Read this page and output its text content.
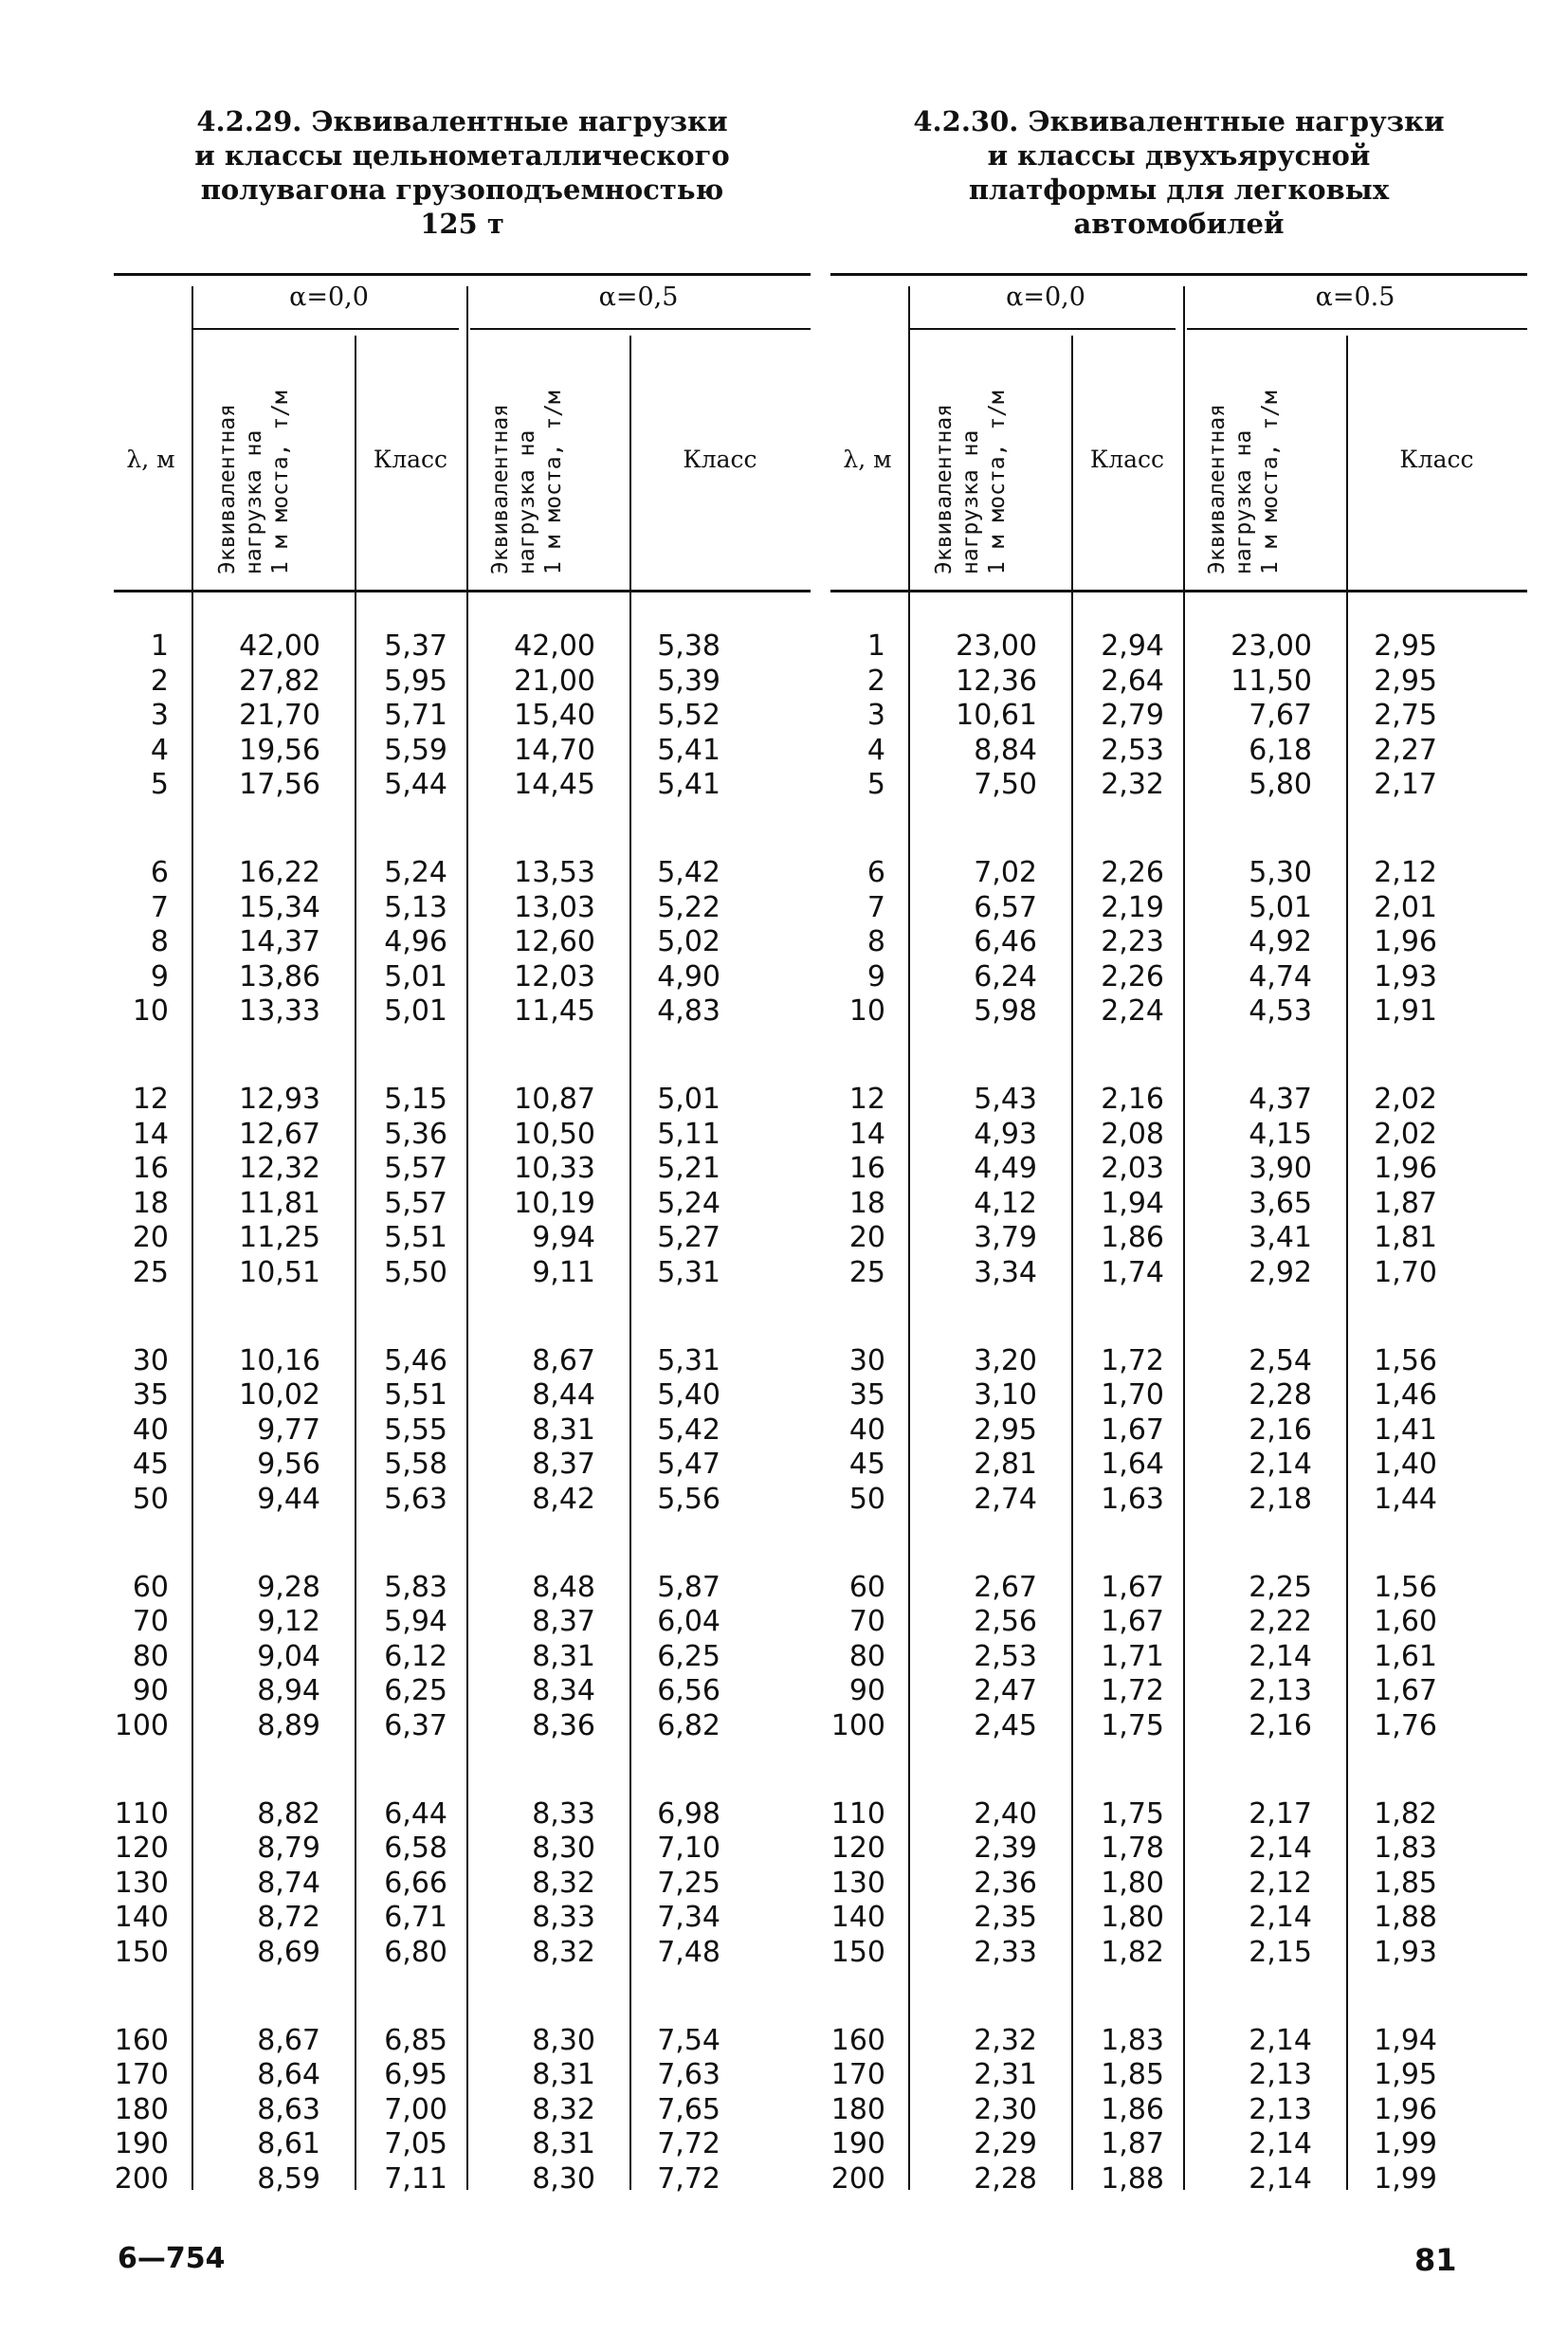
4.2.29. Эквивалентные нагрузки
и классы цельнометаллического
полувагона грузоподъемностью
125 т
α=0,0	α=0,5
λ, м	Эквивалентная
нагрузка на
1 м моста, т/м	Эквивалентная
нагрузка на
1 м моста, т/м
Класс	Класс
1 42,00 5,37 42,00 5,38
2 27,82 5,95 21,00 5,39
3 21,70 5,71 15,40 5,52
4 19,56 5,59 14,70 5,41
5 17,56 5,44 14,45 5,41
6 16,22 5,24 13,53 5,42
7 15,34 5,13 13,03 5,22
8 14,37 4,96 12,60 5,02
9 13,86 5,01 12,03 4,90
10 13,33 5,01 11,45 4,83
12 12,93 5,15 10,87 5,01
14 12,67 5,36 10,50 5,11
16 12,32 5,57 10,33 5,21
18 11,81 5,57 10,19 5,24
20 11,25 5,51	9,94 5,27
25 10,51 5,50	9,11 5,31
30 10,16 5,46	8,67 5,31
35 10,02 5,51	8,44 5,40
40	9,77 5,55	8,31 5,42
45	9,56 5,58	8,37 5,47
50	9,44 5,63	8,42 5,56
60	9,28 5,83	8,48 5,87
70	9,12 5,94	8,37 6,04
80	9,04 6,12	8,31 6,25
90	8,94 6,25	8,34 6,56
100	8,89 6,37	8,36 6,82
110	8,82 6,44	8,33 6,98
120	8,79 6,58	8,30 7,10
130	8,74 6,66	8,32 7,25
140	8,72 6,71	8,33 7,34
150	8,69 6,80	8,32 7,48
160	8,67 6,85	8,30 7,54
170	8,64 6,95	8,31 7,63
180	8,63 7,00	8,32 7,65
190	8,61 7,05	8,31 7,72
200	8,59 7,11	8,30 7,72
4.2.30. Эквивалентные нагрузки
и классы двухъярусной
платформы для легковых
автомобилей
α=0,0	α=0.5
λ, м	Эквивалентная
нагрузка на
1 м моста, т/м	Эквивалентная
нагрузка на
1 м моста, т/м
Класс	Класс
1 23,00 2,94 23,00 2,95
2 12,36 2,64 11,50 2,95
3 10,61 2,79	7,67 2,75
4	8,84 2,53	6,18 2,27
5	7,50 2,32	5,80 2,17
6	7,02 2,26	5,30 2,12
7	6,57 2,19	5,01 2,01
8	6,46 2,23	4,92 1,96
9	6,24 2,26	4,74 1,93
10	5,98 2,24	4,53 1,91
12	5,43 2,16	4,37 2,02
14	4,93 2,08	4,15 2,02
16	4,49 2,03	3,90 1,96
18	4,12 1,94	3,65 1,87
20	3,79 1,86	3,41 1,81
25	3,34 1,74	2,92 1,70
30	3,20 1,72	2,54 1,56
35	3,10 1,70	2,28 1,46
40	2,95 1,67	2,16 1,41
45	2,81 1,64	2,14 1,40
50	2,74 1,63	2,18 1,44
60	2,67 1,67	2,25 1,56
70	2,56 1,67	2,22 1,60
80	2,53 1,71	2,14 1,61
90	2,47 1,72	2,13 1,67
100	2,45 1,75	2,16 1,76
110	2,40 1,75	2,17 1,82
120	2,39 1,78	2,14 1,83
130	2,36 1,80	2,12 1,85
140	2,35 1,80	2,14 1,88
150	2,33 1,82	2,15 1,93
160	2,32 1,83	2,14 1,94
170	2,31 1,85	2,13 1,95
180	2,30 1,86	2,13 1,96
190	2,29 1,87	2,14 1,99
200	2,28 1,88	2,14 1,99
6—754	81
